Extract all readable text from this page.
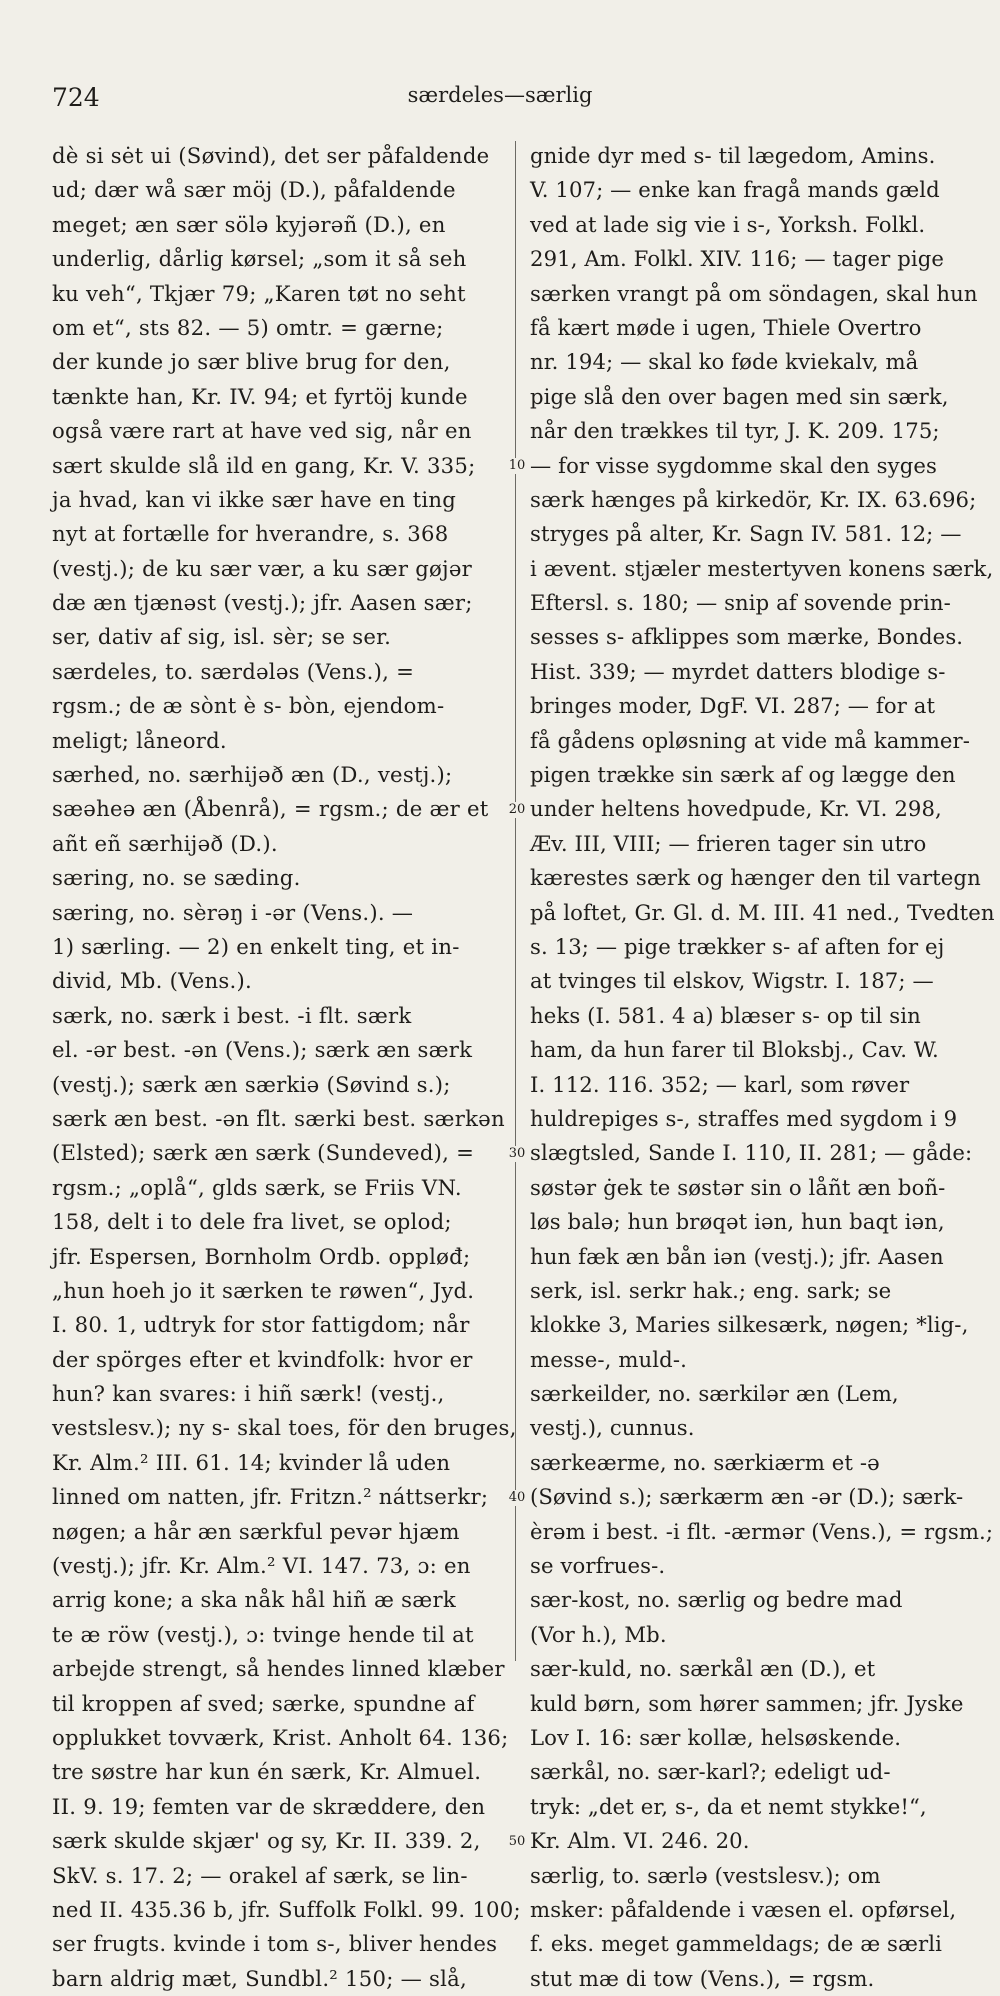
724	særdeles—særlig
dè si sėt ui (Søvind), det ser påfaldende
ud; dær wå sær möj (D.), påfaldende
meget; æn sær sölə kyjərəñ (D.), en
underlig, dårlig kørsel; „som it så seh
ku veh“, Tkjær 79; „Karen tøt no seht
om et“, sts 82. — 5) omtr. = gærne;
der kunde jo sær blive brug for den,
tænkte han, Kr. IV. 94; et fyrtöj kunde
også være rart at have ved sig, når en
sært skulde slå ild en gang, Kr. V. 335;
ja hvad, kan vi ikke sær have en ting
nyt at fortælle for hverandre, s. 368
(vestj.); de ku sær vær, a ku sær gøjər
dæ æn tjænəst (vestj.); jfr. Aasen sær;
ser, dativ af sig, isl. sèr; se ser.
særdeles, to. særdələs (Vens.), =
rgsm.; de æ sònt è s- bòn, ejendom-
meligt; låneord.
særhed, no. særhijəð æn (D., vestj.);
sæəheə æn (Åbenrå), = rgsm.; de ær et
añt eñ særhijəð (D.).
særing, no. se sæding.
særing, no. sèrəŋ i -ər (Vens.). —
1) særling. — 2) en enkelt ting, et in-
divid, Mb. (Vens.).
særk, no. særk i best. -i flt. særk
el. -ər best. -ən (Vens.); særk æn særk
(vestj.); særk æn særkiə (Søvind s.);
særk æn best. -ən flt. særki best. særkən
(Elsted); særk æn særk (Sundeved), =
rgsm.; „oplå“, glds særk, se Friis VN.
158, delt i to dele fra livet, se oplod;
jfr. Espersen, Bornholm Ordb. oppløđ;
„hun hoeh jo it særken te røwen“, Jyd.
I. 80. 1, udtryk for stor fattigdom; når
der spörges efter et kvindfolk: hvor er
hun? kan svares: i hiñ særk! (vestj.,
vestslesv.); ny s- skal toes, för den bruges,
Kr. Alm.² III. 61. 14; kvinder lå uden
linned om natten, jfr. Fritzn.² náttserkr;
nøgen; a hår æn særkful pevər hjæm
(vestj.); jfr. Kr. Alm.² VI. 147. 73, ɔ: en
arrig kone; a ska nåk hål hiñ æ særk
te æ röw (vestj.), ɔ: tvinge hende til at
arbejde strengt, så hendes linned klæber
til kroppen af sved; særke, spundne af
opplukket tovværk, Krist. Anholt 64. 136;
tre søstre har kun én særk, Kr. Almuel.
II. 9. 19; femten var de skræddere, den
særk skulde skjær' og sy, Kr. II. 339. 2,
SkV. s. 17. 2; — orakel af særk, se lin-
ned II. 435.36 b, jfr. Suffolk Folkl. 99. 100;
ser frugts. kvinde i tom s-, bliver hendes
barn aldrig mæt, Sundbl.² 150; — slå,
gnide dyr med s- til lægedom, Amins.
V. 107; — enke kan fragå mands gæld
ved at lade sig vie i s-, Yorksh. Folkl.
291, Am. Folkl. XIV. 116; — tager pige
særken vrangt på om söndagen, skal hun
få kært møde i ugen, Thiele Overtro
nr. 194; — skal ko føde kviekalv, må
pige slå den over bagen med sin særk,
når den trækkes til tyr, J. K. 209. 175;
— for visse sygdomme skal den syges
særk hænges på kirkedör, Kr. IX. 63.696;
stryges på alter, Kr. Sagn IV. 581. 12; —
i ævent. stjæler mestertyven konens særk,
Eftersl. s. 180; — snip af sovende prin-
sesses s- afklippes som mærke, Bondes.
Hist. 339; — myrdet datters blodige s-
bringes moder, DgF. VI. 287; — for at
få gådens opløsning at vide må kammer-
pigen trække sin særk af og lægge den
under heltens hovedpude, Kr. VI. 298,
Æv. III, VIII; — frieren tager sin utro
kærestes særk og hænger den til vartegn
på loftet, Gr. Gl. d. M. III. 41 ned., Tvedten
s. 13; — pige trækker s- af aften for ej
at tvinges til elskov, Wigstr. I. 187; —
heks (I. 581. 4 a) blæser s- op til sin
ham, da hun farer til Bloksbj., Cav. W.
I. 112. 116. 352; — karl, som røver
huldrepiges s-, straffes med sygdom i 9
slægtsled, Sande I. 110, II. 281; — gåde:
søstər ġek te søstər sin o låñt æn boñ-
løs balə; hun brøqət iən, hun baqt iən,
hun fæk æn bån iən (vestj.); jfr. Aasen
serk, isl. serkr hak.; eng. sark; se
klokke 3, Maries silkesærk, nøgen; *lig-,
messe-, muld-.
særkeilder, no. særkilər æn (Lem,
vestj.), cunnus.
særkeærme, no. særkiærm et -ə
(Søvind s.); særkærm æn -ər (D.); særk-
èrəm i best. -i flt. -ærmər (Vens.), = rgsm.;
se vorfrues-.
sær-kost, no. særlig og bedre mad
(Vor h.), Mb.
sær-kuld, no. særkål æn (D.), et
kuld børn, som hører sammen; jfr. Jyske
Lov I. 16: sær kollæ, helsøskende.
særkål, no. sær-karl?; edeligt ud-
tryk: „det er, s-, da et nemt stykke!“,
Kr. Alm. VI. 246. 20.
særlig, to. særlə (vestslesv.); om
msker: påfaldende i væsen el. opførsel,
f. eks. meget gammeldags; de æ særli
stut mæ di tow (Vens.), = rgsm.
10
20
30
40
50
